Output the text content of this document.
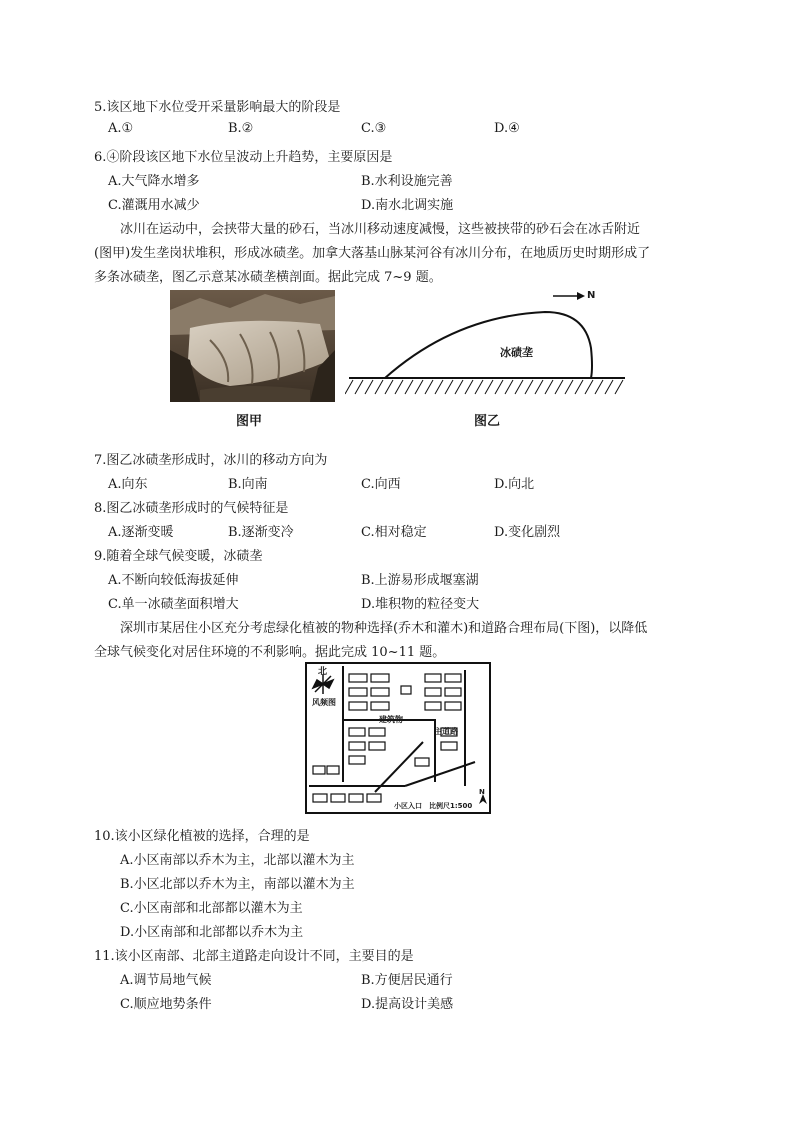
5.该区地下水位受开采量影响最大的阶段是
A.①	B.②	C.③	D.④
6.④阶段该区地下水位呈波动上升趋势，主要原因是
A.大气降水增多	B.水利设施完善
C.灌溉用水减少	D.南水北调实施
冰川在运动中，会挟带大量的砂石，当冰川移动速度减慢，这些被挟带的砂石会在冰舌附近
(图甲)发生垄岗状堆积，形成冰碛垄。加拿大落基山脉某河谷有冰川分布，在地质历史时期形成了
多条冰碛垄，图乙示意某冰碛垄横剖面。据此完成 7~9 题。
图甲
N
冰碛垄
图乙
7.图乙冰碛垄形成时，冰川的移动方向为
A.向东	B.向南	C.向西	D.向北
8.图乙冰碛垄形成时的气候特征是
A.逐渐变暖	B.逐渐变冷	C.相对稳定	D.变化剧烈
9.随着全球气候变暖，冰碛垄
A.不断向较低海拔延伸	B.上游易形成堰塞湖
C.单一冰碛垄面积增大	D.堆积物的粒径变大
深圳市某居住小区充分考虑绿化植被的物种选择(乔木和灌木)和道路合理布局(下图)，以降低
全球气候变化对居住环境的不利影响。据此完成 10~11 题。
北
风频图
建筑物
主道路
小区入口 比例尺1:500
N
10.该小区绿化植被的选择，合理的是
A.小区南部以乔木为主，北部以灌木为主
B.小区北部以乔木为主，南部以灌木为主
C.小区南部和北部都以灌木为主
D.小区南部和北部都以乔木为主
11.该小区南部、北部主道路走向设计不同，主要目的是
A.调节局地气候	B.方便居民通行
C.顺应地势条件	D.提高设计美感
